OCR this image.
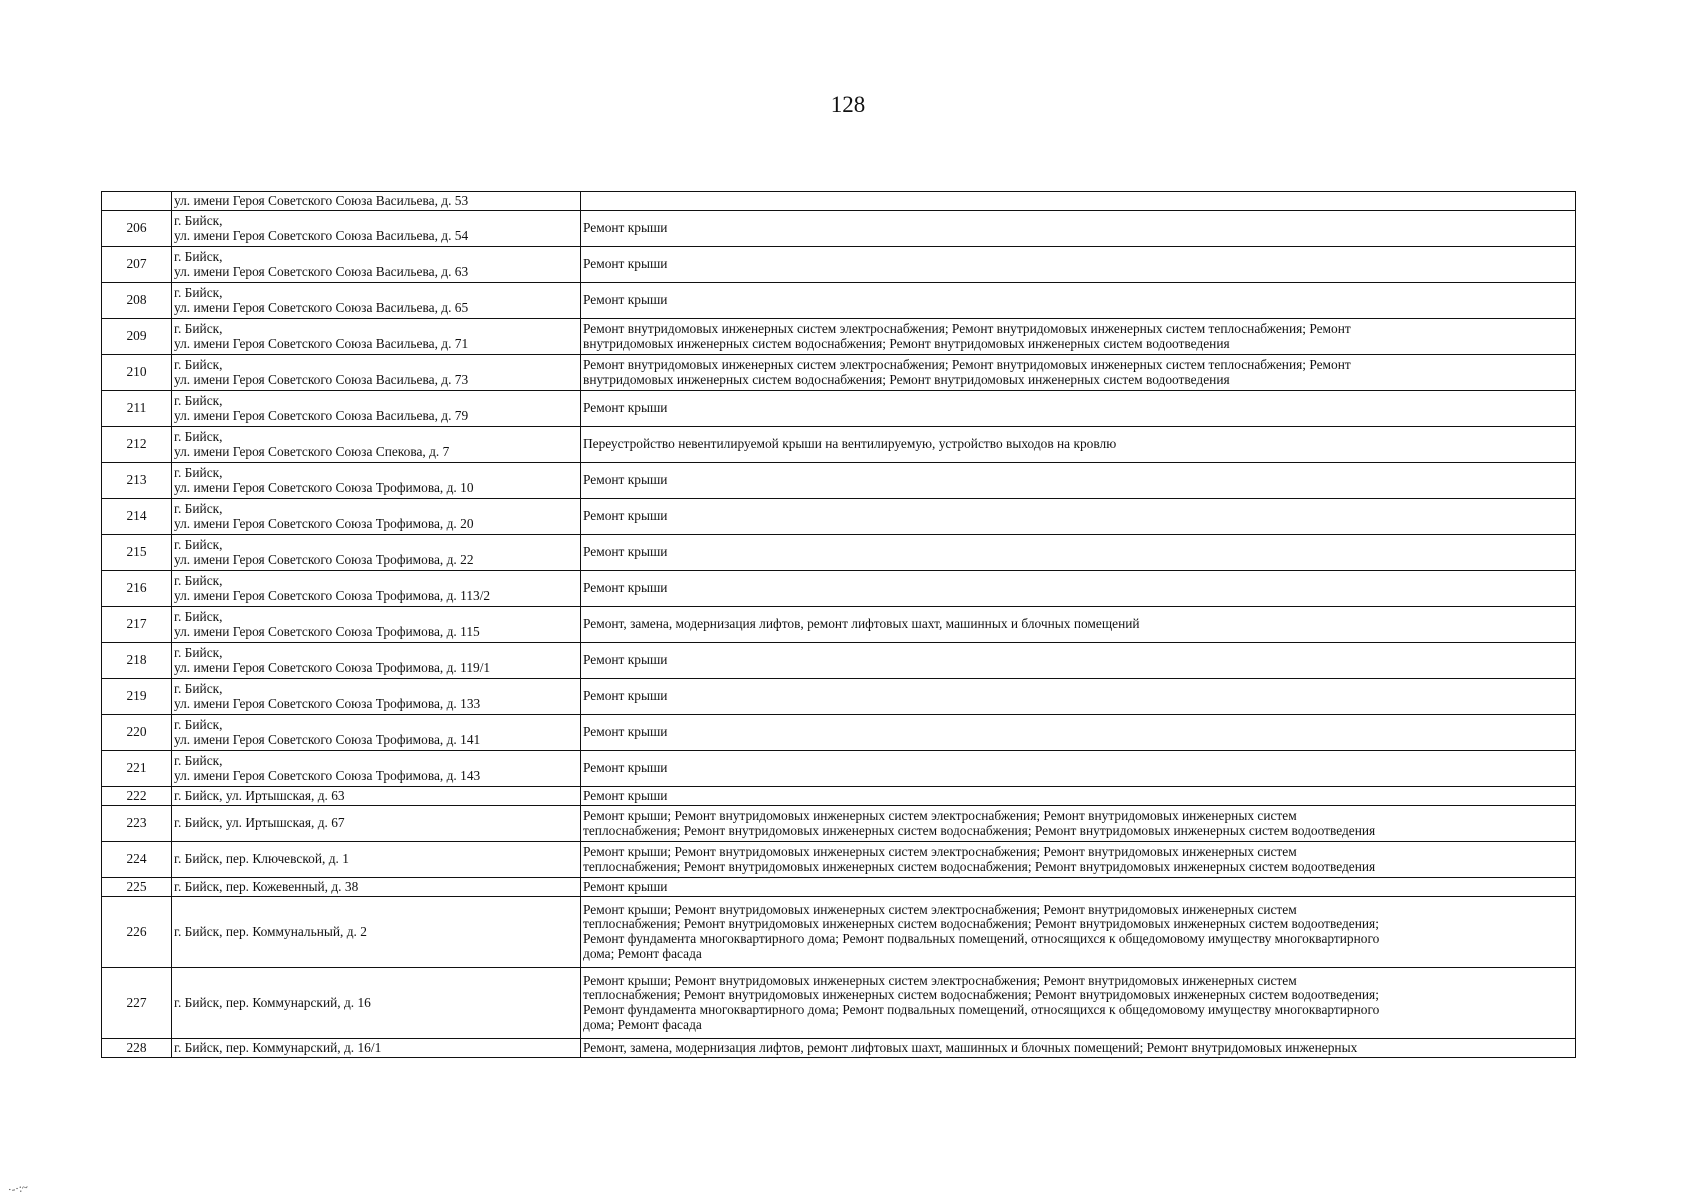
128

	ул. имени Героя Советского Союза Васильева, д. 53	

206	г. Бийск,
ул. имени Героя Советского Союза Васильева, д. 54	Ремонт крыши

207	г. Бийск,
ул. имени Героя Советского Союза Васильева, д. 63	Ремонт крыши

208	г. Бийск,
ул. имени Героя Советского Союза Васильева, д. 65	Ремонт крыши

209	г. Бийск,
ул. имени Героя Советского Союза Васильева, д. 71	Ремонт внутридомовых инженерных систем электроснабжения; Ремонт внутридомовых инженерных систем теплоснабжения; Ремонт
внутридомовых инженерных систем водоснабжения; Ремонт внутридомовых инженерных систем водоотведения

210	г. Бийск,
ул. имени Героя Советского Союза Васильева, д. 73	Ремонт внутридомовых инженерных систем электроснабжения; Ремонт внутридомовых инженерных систем теплоснабжения; Ремонт
внутридомовых инженерных систем водоснабжения; Ремонт внутридомовых инженерных систем водоотведения

211	г. Бийск,
ул. имени Героя Советского Союза Васильева, д. 79	Ремонт крыши

212	г. Бийск,
ул. имени Героя Советского Союза Спекова, д. 7	Переустройство невентилируемой крыши на вентилируемую, устройство выходов на кровлю

213	г. Бийск,
ул. имени Героя Советского Союза Трофимова, д. 10	Ремонт крыши

214	г. Бийск,
ул. имени Героя Советского Союза Трофимова, д. 20	Ремонт крыши

215	г. Бийск,
ул. имени Героя Советского Союза Трофимова, д. 22	Ремонт крыши

216	г. Бийск,
ул. имени Героя Советского Союза Трофимова, д. 113/2	Ремонт крыши

217	г. Бийск,
ул. имени Героя Советского Союза Трофимова, д. 115	Ремонт, замена, модернизация лифтов, ремонт лифтовых шахт, машинных и блочных помещений

218	г. Бийск,
ул. имени Героя Советского Союза Трофимова, д. 119/1	Ремонт крыши

219	г. Бийск,
ул. имени Героя Советского Союза Трофимова, д. 133	Ремонт крыши

220	г. Бийск,
ул. имени Героя Советского Союза Трофимова, д. 141	Ремонт крыши

221	г. Бийск,
ул. имени Героя Советского Союза Трофимова, д. 143	Ремонт крыши

222	г. Бийск, ул. Иртышская, д. 63	Ремонт крыши

223	г. Бийск, ул. Иртышская, д. 67	Ремонт крыши; Ремонт внутридомовых инженерных систем электроснабжения; Ремонт внутридомовых инженерных систем
теплоснабжения; Ремонт внутридомовых инженерных систем водоснабжения; Ремонт внутридомовых инженерных систем водоотведения

224	г. Бийск, пер. Ключевской, д. 1	Ремонт крыши; Ремонт внутридомовых инженерных систем электроснабжения; Ремонт внутридомовых инженерных систем
теплоснабжения; Ремонт внутридомовых инженерных систем водоснабжения; Ремонт внутридомовых инженерных систем водоотведения

225	г. Бийск, пер. Кожевенный, д. 38	Ремонт крыши

226	г. Бийск, пер. Коммунальный, д. 2	Ремонт крыши; Ремонт внутридомовых инженерных систем электроснабжения; Ремонт внутридомовых инженерных систем
теплоснабжения; Ремонт внутридомовых инженерных систем водоснабжения; Ремонт внутридомовых инженерных систем водоотведения;
Ремонт фундамента многоквартирного дома; Ремонт подвальных помещений, относящихся к общедомовому имуществу многоквартирного
дома; Ремонт фасада

227	г. Бийск, пер. Коммунарский, д. 16	Ремонт крыши; Ремонт внутридомовых инженерных систем электроснабжения; Ремонт внутридомовых инженерных систем
теплоснабжения; Ремонт внутридомовых инженерных систем водоснабжения; Ремонт внутридомовых инженерных систем водоотведения;
Ремонт фундамента многоквартирного дома; Ремонт подвальных помещений, относящихся к общедомовому имуществу многоквартирного
дома; Ремонт фасада

228	г. Бийск, пер. Коммунарский, д. 16/1	Ремонт, замена, модернизация лифтов, ремонт лифтовых шахт, машинных и блочных помещений; Ремонт внутридомовых инженерных
·-·:~
